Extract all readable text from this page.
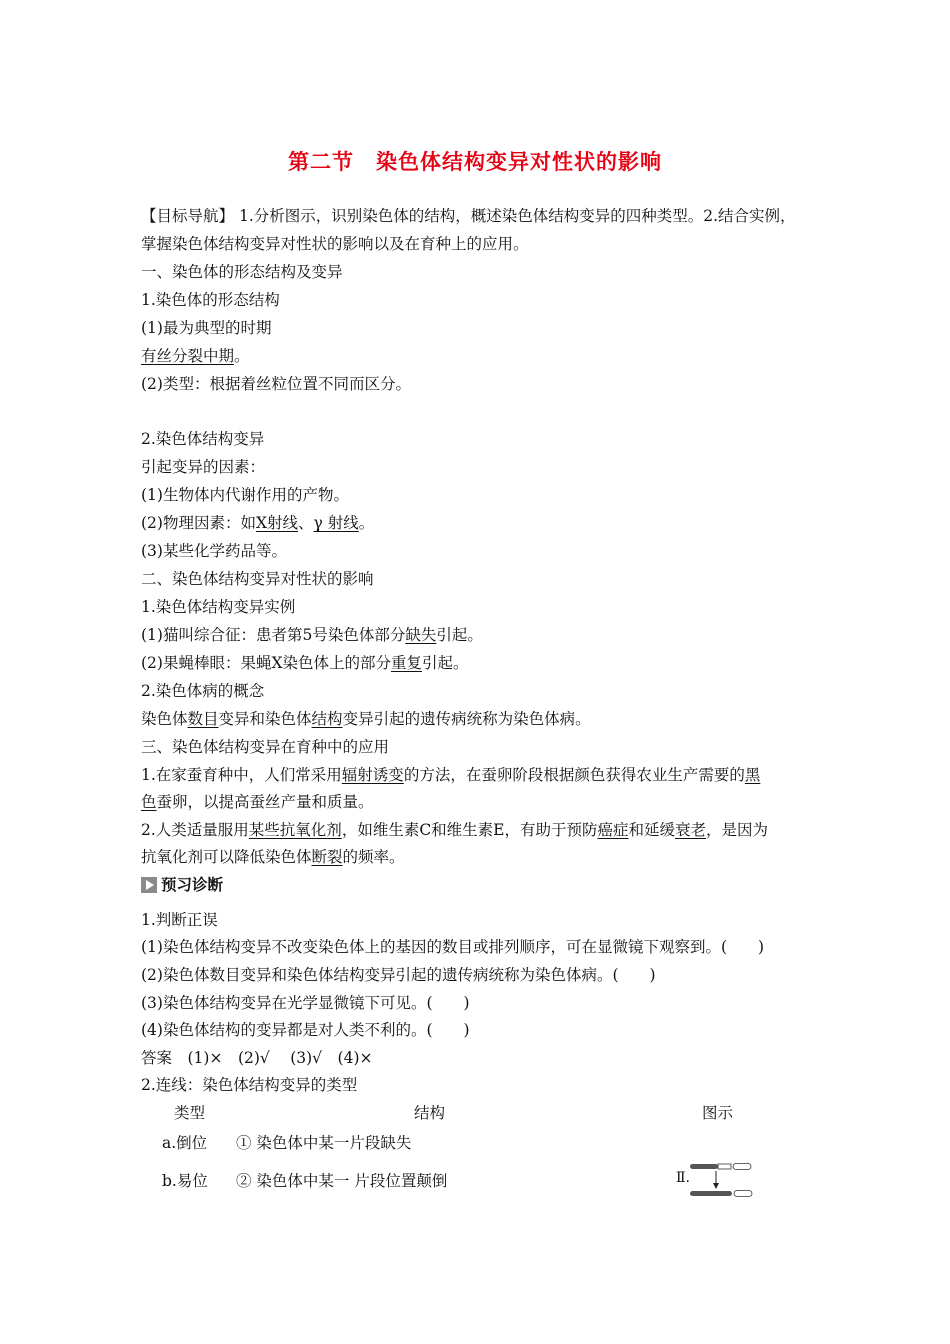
第二节 染色体结构变异对性状的影响
【目标导航】 1.分析图示，识别染色体的结构，概述染色体结构变异的四种类型。2.结合实例，
掌握染色体结构变异对性状的影响以及在育种上的应用。
一、染色体的形态结构及变异
1.染色体的形态结构
(1)最为典型的时期
有丝分裂中期。
(2)类型：根据着丝粒位置不同而区分。
2.染色体结构变异
引起变异的因素：
(1)生物体内代谢作用的产物。
(2)物理因素：如X射线、γ 射线。
(3)某些化学药品等。
二、染色体结构变异对性状的影响
1.染色体结构变异实例
(1)猫叫综合征：患者第5号染色体部分缺失引起。
(2)果蝇棒眼：果蝇X染色体上的部分重复引起。
2.染色体病的概念
染色体数目变异和染色体结构变异引起的遗传病统称为染色体病。
三、染色体结构变异在育种中的应用
1.在家蚕育种中，人们常采用辐射诱变的方法，在蚕卵阶段根据颜色获得农业生产需要的黑
色蚕卵，以提高蚕丝产量和质量。
2.人类适量服用某些抗氧化剂，如维生素C和维生素E，有助于预防癌症和延缓衰老，是因为
抗氧化剂可以降低染色体断裂的频率。
预习诊断
1.判断正误
(1)染色体结构变异不改变染色体上的基因的数目或排列顺序，可在显微镜下观察到。(　　)
(2)染色体数目变异和染色体结构变异引起的遗传病统称为染色体病。(　　)
(3)染色体结构变异在光学显微镜下可见。(　　)
(4)染色体结构的变异都是对人类不利的。(　　)
答案　(1)×　(2)√　 (3)√　(4)×
2.连线：染色体结构变异的类型
类型	结构	图示
a.倒位 ① 染色体中某一片段缺失
b.易位 ② 染色体中某一 片段位置颠倒	Ⅱ.
